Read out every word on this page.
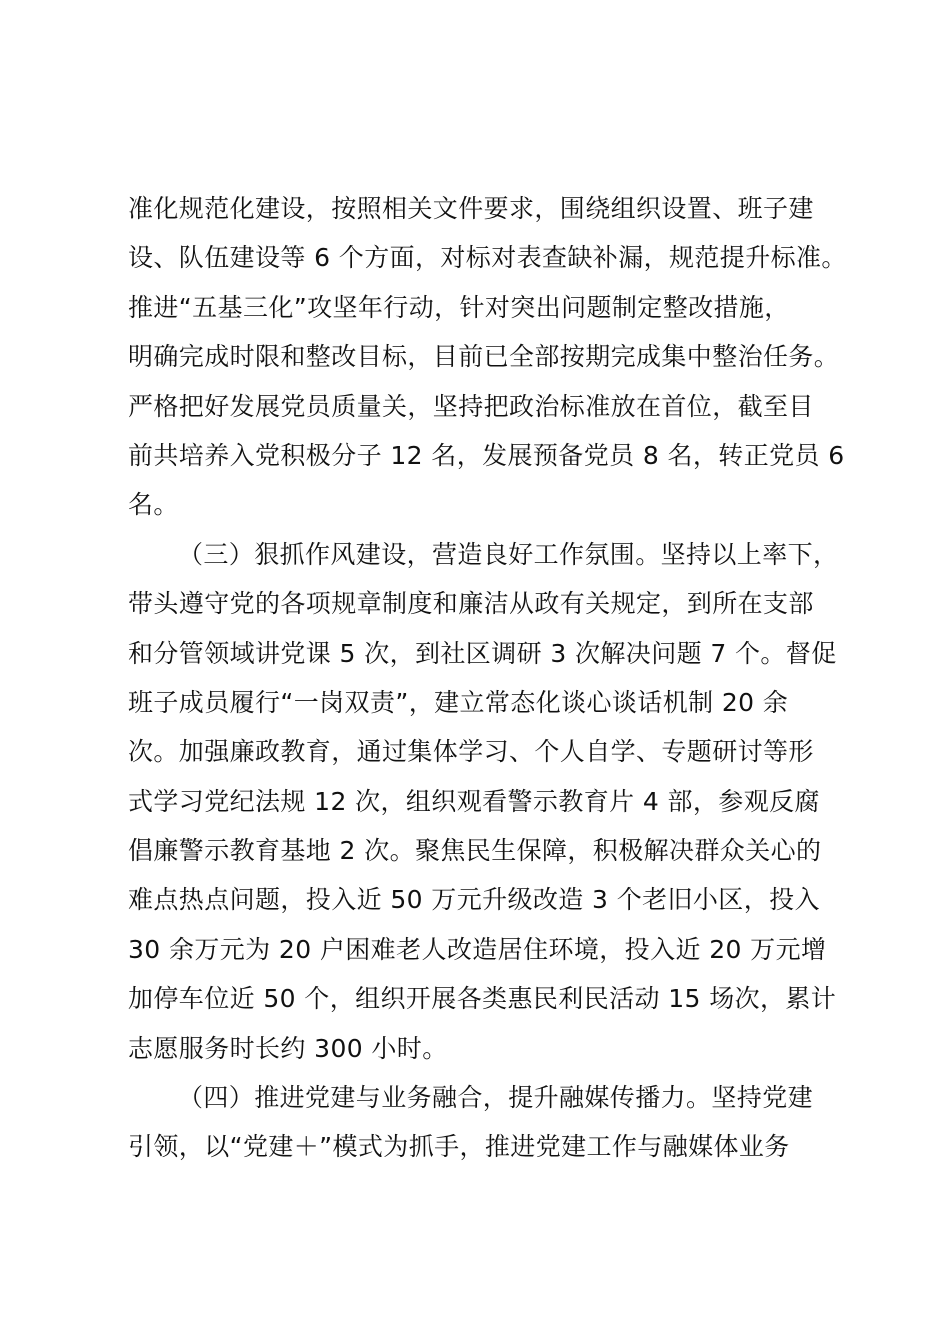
准化规范化建设，按照相关文件要求，围绕组织设置、班子建
设、队伍建设等 6 个方面，对标对表查缺补漏，规范提升标准。
推进“五基三化”攻坚年行动，针对突出问题制定整改措施，
明确完成时限和整改目标，目前已全部按期完成集中整治任务。
严格把好发展党员质量关，坚持把政治标准放在首位，截至目
前共培养入党积极分子 12 名，发展预备党员 8 名，转正党员 6
名。
（三）狠抓作风建设，营造良好工作氛围。坚持以上率下，
带头遵守党的各项规章制度和廉洁从政有关规定，到所在支部
和分管领域讲党课 5 次，到社区调研 3 次解决问题 7 个。督促
班子成员履行“一岗双责”，建立常态化谈心谈话机制 20 余
次。加强廉政教育，通过集体学习、个人自学、专题研讨等形
式学习党纪法规 12 次，组织观看警示教育片 4 部，参观反腐
倡廉警示教育基地 2 次。聚焦民生保障，积极解决群众关心的
难点热点问题，投入近 50 万元升级改造 3 个老旧小区，投入
30 余万元为 20 户困难老人改造居住环境，投入近 20 万元增
加停车位近 50 个，组织开展各类惠民利民活动 15 场次，累计
志愿服务时长约 300 小时。
（四）推进党建与业务融合，提升融媒传播力。坚持党建
引领，以“党建＋”模式为抓手，推进党建工作与融媒体业务
